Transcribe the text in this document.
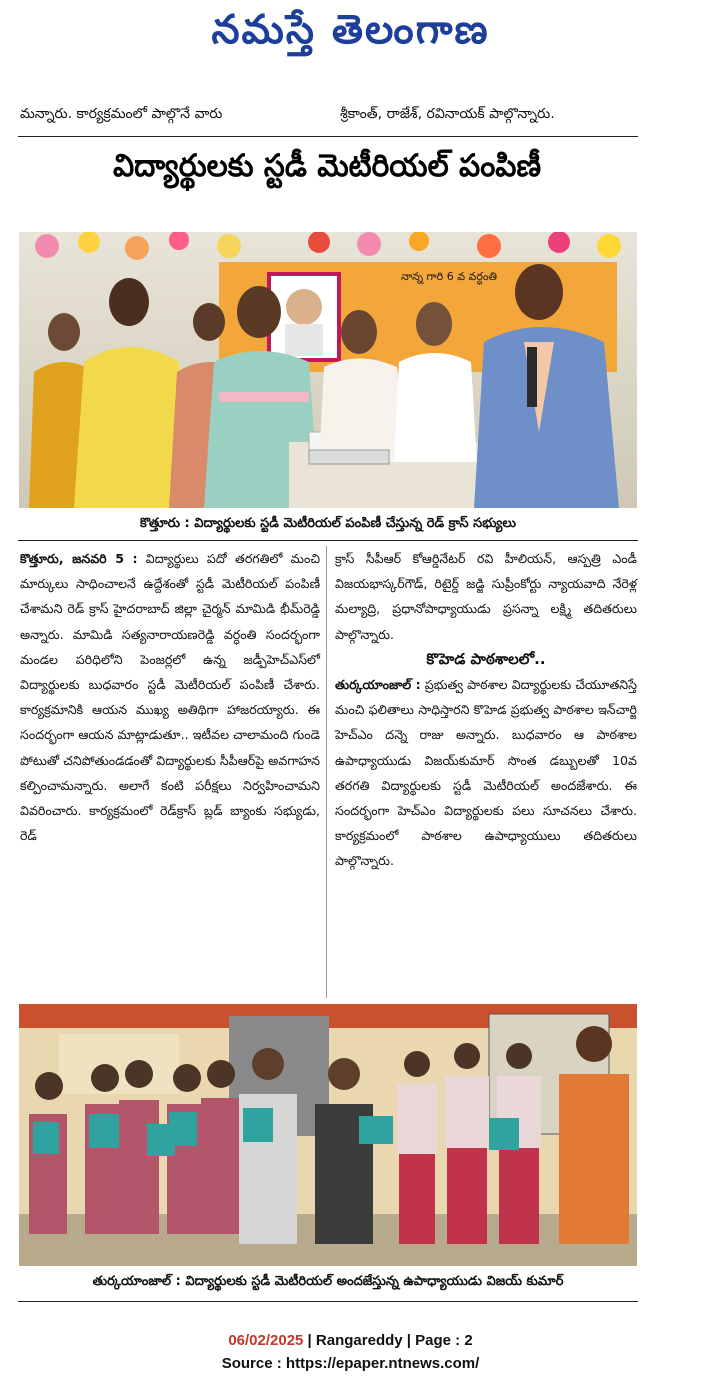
నమస్తే తెలంగాణ
మన్నారు. కార్యక్రమంలో పాల్గొనే వారు	శ్రీకాంత్, రాజేశ్, రవినాయక్ పాల్గొన్నారు.
విద్యార్థులకు స్టడీ మెటీరియల్ పంపిణీ
నాన్న గారి 6 వ వర్ధంతి
కొత్తూరు : విద్యార్థులకు స్టడీ మెటీరియల్ పంపిణీ చేస్తున్న రెడ్ క్రాస్ సభ్యులు

కొత్తూరు, జనవరి 5 : విద్యార్థులు పదో తరగతిలో మంచి మార్కులు సాధించాలనే ఉద్దేశంతో స్టడీ మెటీరియల్ పంపిణీ చేశామని రెడ్ క్రాస్ హైదరాబాద్ జిల్లా చైర్మన్ మామిడి భీమ్‌రెడ్డి అన్నారు. మామిడి సత్యనారాయణరెడ్డి వర్ధంతి సందర్భంగా మండల పరిధిలోని పెంజర్లలో ఉన్న జడ్పీహెచ్‌ఎస్‌లో విద్యార్థులకు బుధవారం స్టడీ మెటీరియల్ పంపిణీ చేశారు. కార్యక్రమానికి ఆయన ముఖ్య అతిథిగా హాజరయ్యారు. ఈ సందర్భంగా ఆయన మాట్లాడుతూ.. ఇటీవల చాలామంది గుండె పోటుతో చనిపోతుండడంతో విద్యార్థులకు సీపీఆర్‌పై అవగాహన కల్పించామన్నారు. అలాగే కంటి పరీక్షలు నిర్వహించామని వివరించారు. కార్యక్రమంలో రెడ్‌క్రాస్ బ్లడ్ బ్యాంకు సభ్యుడు, రెడ్

క్రాస్ సీపీఆర్ కోఆర్డినేటర్ రవి హీలియన్, ఆస్పత్రి ఎండీ విజయభాస్కర్‌గౌడ్, రిటైర్డ్ జడ్జి సుప్రీంకోర్టు న్యాయవాది నేరెళ్ల మల్యాద్రి, ప్రధానోపాధ్యాయుడు ప్రసన్నా లక్ష్మి తదితరులు పాల్గొన్నారు.

కొహెడ పాఠశాలలో..

తుర్కయాంజాల్ : ప్రభుత్వ పాఠశాల విద్యార్థులకు చేయూతనిస్తే మంచి ఫలితాలు సాధిస్తారని కొహెడ ప్రభుత్వ పాఠశాల ఇన్‌చార్జి హెచ్‌ఎం దన్నె రాజు అన్నారు. బుధవారం ఆ పాఠశాల ఉపాధ్యాయుడు విజయ్‌కుమార్ సొంత డబ్బులతో 10వ తరగతి విద్యార్థులకు స్టడీ మెటీరియల్ అందజేశారు. ఈ సందర్భంగా హెచ్‌ఎం విద్యార్థులకు పలు సూచనలు చేశారు. కార్యక్రమంలో పాఠశాల ఉపాధ్యాయులు తదితరులు పాల్గొన్నారు.

తుర్కయాంజాల్ : విద్యార్థులకు స్టడీ మెటీరియల్ అందజేస్తున్న ఉపాధ్యాయుడు విజయ్ కుమార్
06/02/2025 | Rangareddy | Page : 2
Source : https://epaper.ntnews.com/
